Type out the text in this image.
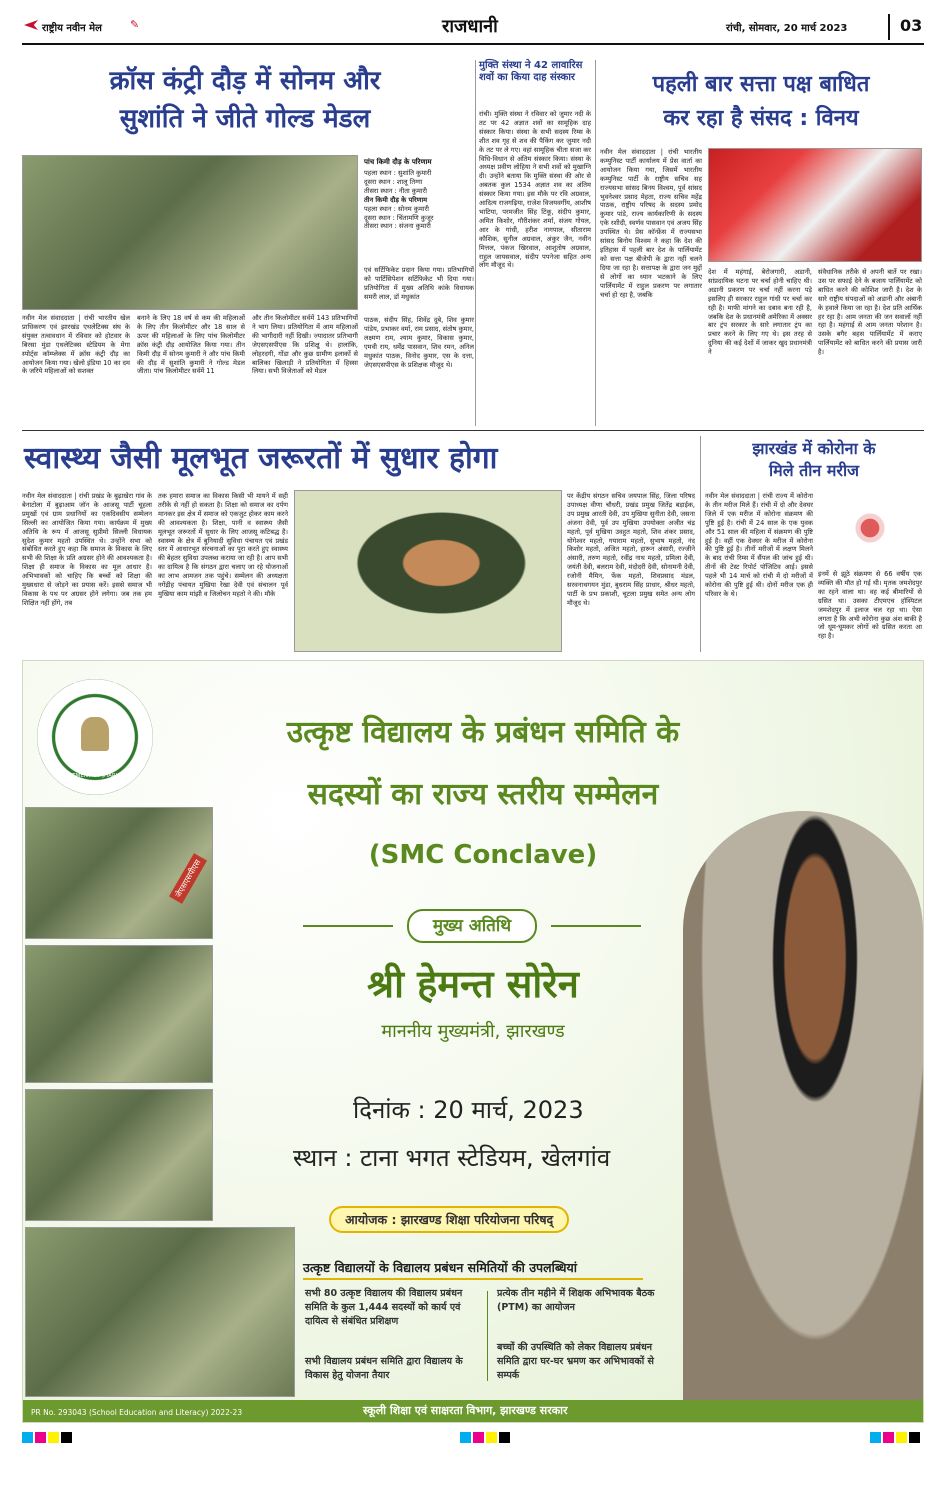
राष्ट्रीय नवीन मेल	✎	राजधानी	रांची, सोमवार, 20 मार्च 2023	03
क्रॉस कंट्री दौड़ में सोनम और
सुशांति ने जीते गोल्ड मेडल
पांच किमी दौड़ के परिणाम
पहला स्थान : सुशांति कुमारी
दूसरा स्थान : शालू तिग्गा
तीसरा स्थान : नीता कुमारी
तीन किमी दौड़ के परिणाम
पहला स्थान : सोनम कुमारी
दूसरा स्थान : चिंतामणि कुजूर
तीसरा स्थान : संजना कुमारी
एवं सर्टिफिकेट प्रदान किया गया। प्रतिभागियों को पार्टिसिपेशन सर्टिफिकेट भी दिया गया। प्रतियोगिता में मुख्य अतिथि कांके विधायक समरी लाल, डॉ मधुकांत
नवीन मेल संवाददाता | रांची भारतीय खेल प्राधिकरण एवं झारखंड एथलेटिक्स संघ के संयुक्त तत्वावधान में रविवार को होटवार के बिरसा मुंडा एथलेटिक्स स्टेडियम के मेगा स्पोर्ट्स कॉम्प्लेक्स में क्रॉस कंट्री दौड़ का आयोजन किया गया। खेलो इंडिया 10 का दम के जरिये महिलाओं को सशक्त
बनाने के लिए 18 वर्ष से कम की महिलाओं के लिए तीन किलोमीटर और 18 साल से ऊपर की महिलाओं के लिए पांच किलोमीटर क्रॉस कंट्री दौड़ आयोजित किया गया। तीन किमी दौड़ में सोनम कुमारी ने और पांच किमी की दौड़ में सुशांति कुमारी ने गोल्ड मेडल जीता। पांच किलोमीटर सर्वमें 11
और तीन किलोमीटर सर्वमें 143 प्रतिभागियों ने भाग लिया। प्रतियोगिता में आम महिलाओं की भागीदारी नहीं दिखी। ज्यादातर प्रतिभागी जेएसएसपीएस कि प्रशिक्षु थे। हालांकि, लोहरदगी, गोंडा और कुछ ग्रामीण इलाकों से बालिका खिलाड़ी ने प्रतियोगिता में हिस्सा लिया। सभी विजेताओं को मेडल
पाठक, संदीप सिंह, शिवेंद्र दुबे, शिव कुमार पांडेय, प्रभाकर वर्मा, राम प्रसाद, संतोष कुमार, लक्ष्मण राम, श्याम कुमार, विकास कुमार, एमवी राय, धर्मेंद्र पासवान, शिव रमन, अनिल मधुकांत पाठक, विनोद कुमार, एस के दत्ता, जेएसएसपीएस के प्रशिक्षक मौजूद थे।
मुक्ति संस्था ने 42 लावारिस शवों का किया दाह संस्कार
रांची। मुक्ति संस्था ने रविवार को जुमार नदी के तट पर 42 अज्ञात शवों का सामूहिक दाह संस्कार किया। संस्था के सभी सदस्य रिम्स के शीत शव गृह से शव की पैकिंग कर जुमार नदी के तट पर ले गए। वहां सामूहिक चीता सजा कर विधि-विधान से अंतिम संस्कार किया। संस्था के अध्यक्ष प्रवीण लोहिया ने सभी शवों को मुखाग्नि दी। उन्होंने बताया कि मुक्ति संस्था की ओर से अबतक कुल 1534 अज्ञात शव का अंतिम संस्कार किया गया। इस मौके पर रवि अग्रवाल, आदित्य राजगढ़िया, राजेश विजयवर्गीय, आशीष भाटिया, परमजीत सिंह टिंकू, संदीप कुमार, अमित किशोर, गौरीशंकर शर्मा, संजय गोयल, आर के गांधी, हरीश नागपाल, सीताराम कौशिक, सुनील अग्रवाल, अंकुर जैन, नवीन मित्तल, पंकज खिरवाल, आशुतोष अग्रवाल, राहुल जायसवाल, संदीप पपनेजा सहित अन्य लोग मौजूद थे।
पहली बार सत्ता पक्ष बाधित
कर रहा है संसद : विनय
नवीन मेल संवाददाता | रांची भारतीय कम्युनिस्ट पार्टी कार्यालय में प्रेस वार्ता का आयोजन किया गया, जिसमें भारतीय कम्युनिस्ट पार्टी के राष्ट्रीय सचिव सह राज्यसभा सांसद बिनय विश्वम, पूर्व सांसद भुवनेश्वर प्रसाद मेहता, राज्य सचिव महेंद्र पाठक, राष्ट्रीय परिषद के सदस्य प्रमोद कुमार पांडे, राज्य कार्यकारिणी के सदस्य एके रशीदी, स्वर्णव पासवान एवं अजय सिंह उपस्थित थे। प्रेस कॉन्फ्रेंस में राज्यसभा सांसद बिनोय विश्वम ने कहा कि देश की इतिहास में पहली बार देश के पार्लियामेंट को सत्ता पक्ष बीजेपी के द्वारा नहीं चलने दिया जा रहा है। सत्तापक्ष के द्वारा जन मुद्दों से लोगों का ध्यान भटकाने के लिए पार्लियामेंट में राहुल प्रकरण पर लगातार चर्चा हो रहा है, जबकि
देश में महंगाई, बेरोजगारी, अडानी, सांप्रदायिक घटना पर चर्चा होनी चाहिए थी। अडानी प्रकरण पर चर्चा नहीं करना पड़े इसलिए ही सरकार राहुल गांधी पर चर्चा कर रही है। माफी मांगने का दबाव बना रही है, जबकि देश के प्रधानमंत्री अमेरिका में अक्सर बार ट्रंप सरकार के सारे लगातार ट्रंप का प्रचार करने के लिए गए थे। इस तरह से दुनिया की कई देशों में जाकर खुद प्रधानमंत्री ने
संवैधानिक तरीके से अपनी बातें पर रखा। उस पर सफाई देने के बजाय पार्लियामेंट को बाधित करने की कोशिश जारी है। देश के सारे राष्ट्रीय संपदाओं को अडानी और अंबानी के हवाले किया जा रहा है। देश प्रति आर्थिक हर रहा है। आम जनता की जन सवालों नहीं रहा है। महंगाई से आम जनता परेशान है। उसके बगैर बहस पार्लियामेंट में कराए पार्लियामेंट को बाधित करने की प्रयास जारी है।
स्वास्थ्य जैसी मूलभूत जरूरतों में सुधार होगा
नवीन मेल संवाददाता | रांची प्रखंड के बुढ़ाखेरा गांव के बेनाटोला में बुढ़ाआम जॉन के आजसू पार्टी चूहला प्रमुखों एवं ग्राम प्रधानियों का एकदिवसीय सम्मेलन सिल्ली का आयोजित किया गया। कार्यक्रम में मुख्य अतिथि के रूप में आजसू सुप्रीमो सिल्ली विधायक सुदेश कुमार महतो उपस्थित थे। उन्होंने सभा को संबोधित करते हुए कहा कि समाज के विकास के लिए सभी की शिक्षा के प्रति अग्रसर होने की आवश्यकता है। शिक्षा ही समाज के विकास का मूल आधार है। अभिभावकों को चाहिए कि बच्चों को शिक्षा की मुख्यधारा से जोड़ने का प्रयास करें। इससे समाज भी विकास के पथ पर अग्रसर होने लगेगा। जब तक हम शिक्षित नहीं होंगे, तब
तक हमारा समाज का विकास किसी भी मायने में सही तरीके से नहीं हो सकता है। शिक्षा को समाज का दर्पण मानकर इस क्षेत्र में समाज को एकजुट होकर काम करने की आवश्यकता है। शिक्षा, पानी व स्वास्थ्य जैसी मूलभूत जरूरतों में सुधार के लिए आजसू कटिबद्ध है। स्वास्थ्य के क्षेत्र में बुनियादी सुविधा पंचायत एवं प्रखंड स्तर में आधारभूत संरचनाओं का पूरा करते हुए स्वास्थ्य की बेहतर सुविधा उपलब्ध कराया जा रही है। आप सभी का दायित्व है कि संगठन द्वारा चलाए जा रहे योजनाओं का लाभ आमजन तक पहुंचे। सम्मेलन की अध्यक्षता नगेंद्रीह पंचायत मुखिया रेखा देवी एवं संचालन पूर्व मुखिया काम मांझी व जिलोचन महतो ने की। मौके
पर केंद्रीय संगठन सचिव जयपाल सिंह, जिला परिषद उपाध्यक्ष वीणा चौधरी, प्रखंड प्रमुख जितेंद्र बड़ाईक, उप प्रमुख आरती देवी, उप मुखिया सुनीता देवी, जसना अंजना देवी, पूर्व उप मुखिया उपयोक्ता अजीत चंद्र महतो, पूर्व मुखिया उवहुत महतो, शिव शंकर प्रसाद, योगेश्वर महतो, गयाराम महतो, सुभाष महतो, नंद किशोर महतो, अजित महतो, हारून अंसारी, रज्जीने अंसारी, तरुण महतो, रवींद्र नाथ महतो, प्रमिला देवी, जयंती देवी, बलराम देवी, मंदोदरी देवी, सोनामनी देवी, रजोनी मैमिन, फेंक महतो, शिवप्रसाद मंडल, सरवनाथगयन मुंडा, बुधराम सिंह प्राधार, श्रीधर महतो, पार्टी के प्रभ प्रकाशी, चूटला प्रमुख समेत अन्य लोग मौजूद थे।
झारखंड में कोरोना के
मिले तीन मरीज
नवीन मेल संवाददाता | रांची राज्य में कोरोना के तीन मरीज मिले हैं। रांची में दो और देवघर जिले में एक मरीज में कोरोना संक्रमण की पुष्टि हुई है। रांची में 24 साल के एक युवक और 51 साल की महिला में संक्रमण की पुष्टि हुई है। वहीं एक देवघर के मरीज में कोरोना की पुष्टि हुई है। तीनों मरीजों में लक्षण मिलने के बाद रांची रिम्स में सैंपल की जांच हुई थी। तीनों की टेस्ट रिपोर्ट पॉजिटिव आई। इससे पहले भी 14 मार्च को रांची में दो मरीजों में कोरोना की पुष्टि हुई थी। दोनों मरीज एक ही परिवार के थे।
इनमें से झूठे संक्रमण से 66 वर्षीय एक व्यक्ति की मौत हो गई थी। मृतक जमशेदपुर का रहने वाला था। वह कई बीमारियों से ग्रसित था। उसका टीएमएच हॉस्पिटल जमशेदपुर में इलाज चल रहा था। ऐसा लगता है कि अभी कोरोना कुछ अंश बाकी है जो धूम-घूमकर लोगों को ग्रसित करता आ रहा है।
झारखण्ड सरकार
DEPARTMENT OF JHARKHAND
जेएसएसपीएस
उत्कृष्ट विद्यालय के प्रबंधन समिति के
सदस्यों का राज्य स्तरीय सम्मेलन
(SMC Conclave)
मुख्य अतिथि
श्री हेमन्त सोरेन
माननीय मुख्यमंत्री, झारखण्ड
दिनांक : 20 मार्च, 2023
स्थान : टाना भगत स्टेडियम, खेलगांव
आयोजक : झारखण्ड शिक्षा परियोजना परिषद्
उत्कृष्ट विद्यालयों के विद्यालय प्रबंधन समितियों की उपलब्धियां
सभी 80 उत्कृष्ट विद्यालय की विद्यालय प्रबंधन समिति के कुल 1,444 सदस्यों को कार्य एवं दायित्व से संबंधित प्रशिक्षण
प्रत्येक तीन महीने में शिक्षक अभिभावक बैठक (PTM) का आयोजन
सभी विद्यालय प्रबंधन समिति द्वारा विद्यालय के विकास हेतु योजना तैयार
बच्चों की उपस्थिति को लेकर विद्यालय प्रबंधन समिति द्वारा घर-घर भ्रमण कर अभिभावकों से सम्पर्क
PR No. 293043 (School Education and Literacy) 2022-23	स्कूली शिक्षा एवं साक्षरता विभाग, झारखण्ड सरकार
